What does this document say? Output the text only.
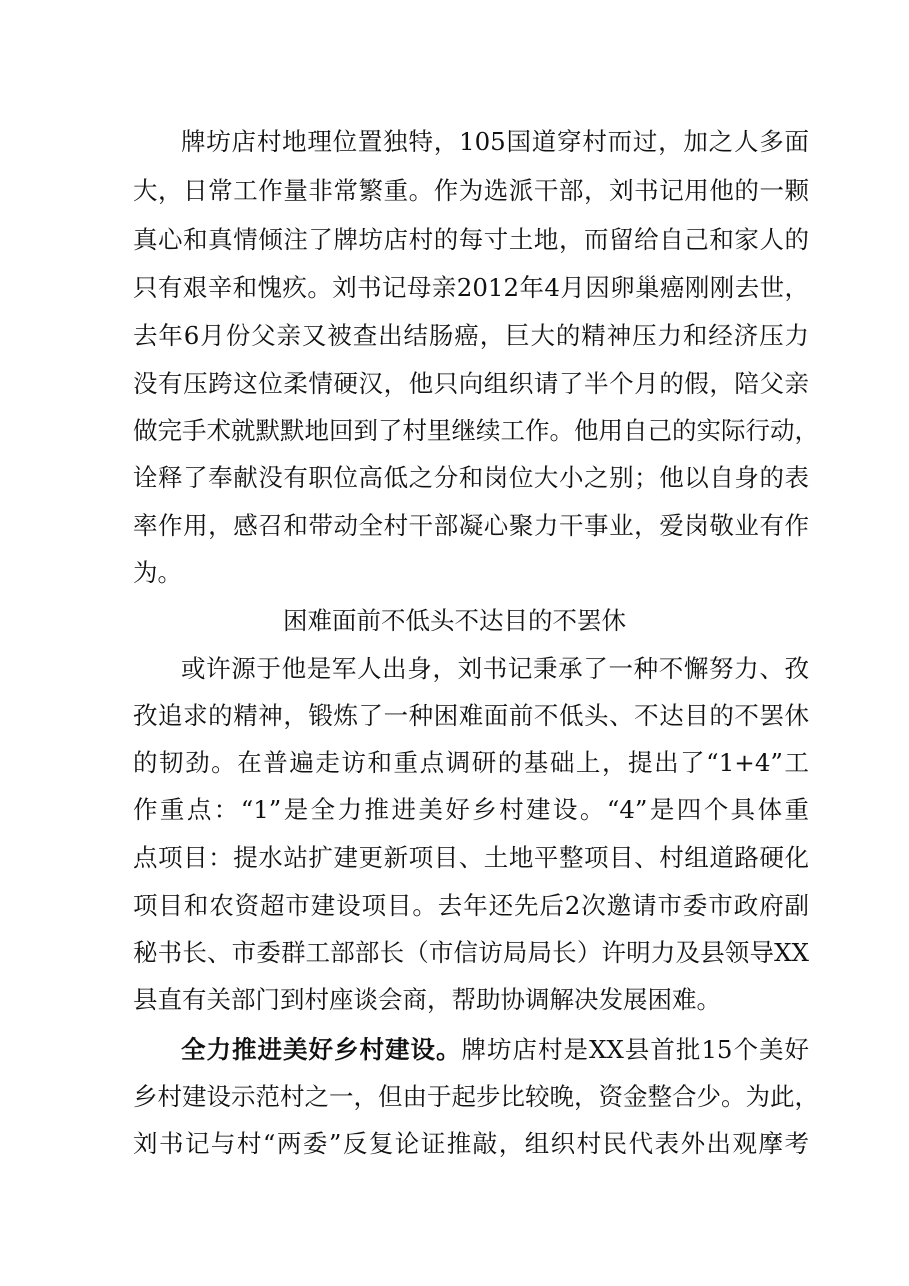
牌坊店村地理位置独特，105国道穿村而过，加之人多面
大，日常工作量非常繁重。作为选派干部，刘书记用他的一颗
真心和真情倾注了牌坊店村的每寸土地，而留给自己和家人的
只有艰辛和愧疚。刘书记母亲2012年4月因卵巢癌刚刚去世，
去年6月份父亲又被查出结肠癌，巨大的精神压力和经济压力
没有压跨这位柔情硬汉，他只向组织请了半个月的假，陪父亲
做完手术就默默地回到了村里继续工作。他用自己的实际行动，
诠释了奉献没有职位高低之分和岗位大小之别；他以自身的表
率作用，感召和带动全村干部凝心聚力干事业，爱岗敬业有作
为。
困难面前不低头不达目的不罢休
或许源于他是军人出身，刘书记秉承了一种不懈努力、孜
孜追求的精神，锻炼了一种困难面前不低头、不达目的不罢休
的韧劲。在普遍走访和重点调研的基础上，提出了“1+4”工
作重点：“1”是全力推进美好乡村建设。“4”是四个具体重
点项目：提水站扩建更新项目、土地平整项目、村组道路硬化
项目和农资超市建设项目。去年还先后2次邀请市委市政府副
秘书长、市委群工部部长（市信访局局长）许明力及县领导XX
县直有关部门到村座谈会商，帮助协调解决发展困难。
全力推进美好乡村建设。牌坊店村是XX县首批15个美好
乡村建设示范村之一，但由于起步比较晚，资金整合少。为此，
刘书记与村“两委”反复论证推敲，组织村民代表外出观摩考
